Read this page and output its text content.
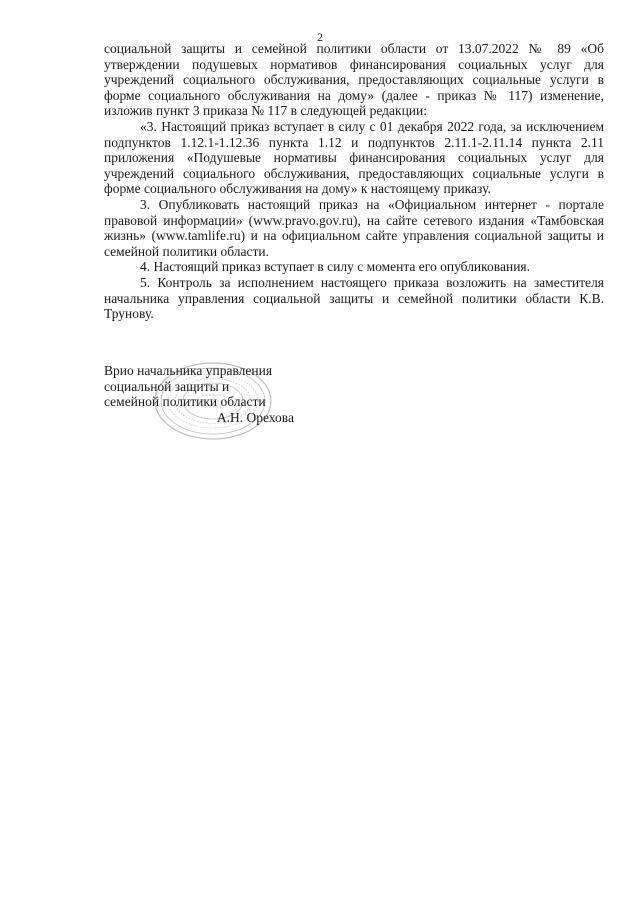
2

социальной защиты и семейной политики области от 13.07.2022 № 89 «Об утверждении подушевых нормативов финансирования социальных услуг для учреждений социального обслуживания, предоставляющих социальные услуги в форме социального обслуживания на дому» (далее - приказ № 117) изменение, изложив пункт 3 приказа № 117 в следующей редакции:

«3. Настоящий приказ вступает в силу с 01 декабря 2022 года, за исключением подпунктов 1.12.1-1.12.36 пункта 1.12 и подпунктов 2.11.1-2.11.14 пункта 2.11 приложения «Подушевые нормативы финансирования социальных услуг для учреждений социального обслуживания, предоставляющих социальные услуги в форме социального обслуживания на дому» к настоящему приказу.

3. Опубликовать настоящий приказ на «Официальном интернет - портале правовой информации» (www.pravo.gov.ru), на сайте сетевого издания «Тамбовская жизнь» (www.tamlife.ru) и на официальном сайте управления социальной защиты и семейной политики области.

4. Настоящий приказ вступает в силу с момента его опубликования.

5. Контроль за исполнением настоящего приказа возложить на заместителя начальника управления социальной защиты и семейной политики области К.В. Трунову.

Врио начальника управления
социальной защиты и
семейной политики области
А.Н. Орехова
